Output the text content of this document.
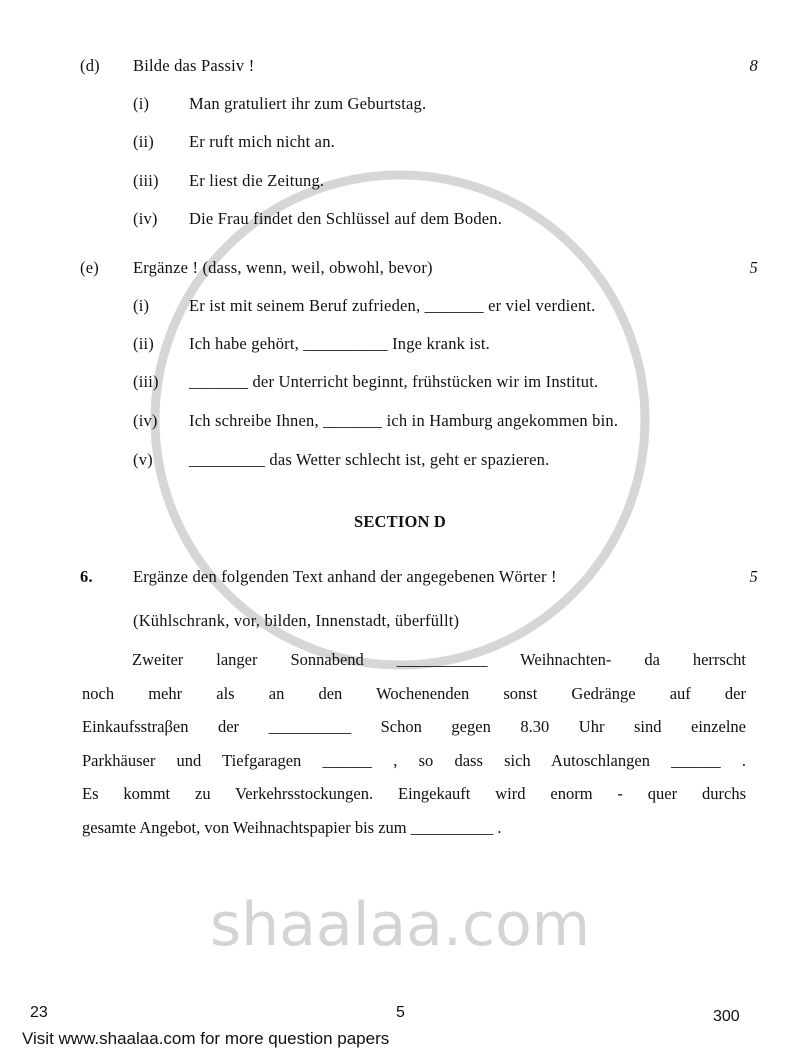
shaalaa.com
(d) Bilde das Passiv !	8
(i) Man gratuliert ihr zum Geburtstag.
(ii) Er ruft mich nicht an.
(iii) Er liest die Zeitung.
(iv) Die Frau findet den Schlüssel auf dem Boden.
(e) Ergänze ! (dass, wenn, weil, obwohl, bevor)	5
(i) Er ist mit seinem Beruf zufrieden, _______ er viel verdient.
(ii) Ich habe gehört, __________ Inge krank ist.
(iii) _______ der Unterricht beginnt, frühstücken wir im Institut.
(iv) Ich schreibe Ihnen, _______ ich in Hamburg angekommen bin.
(v) _________ das Wetter schlecht ist, geht er spazieren.
SECTION D
6. Ergänze den folgenden Text anhand der angegebenen Wörter !	5
(Kühlschrank, vor, bilden, Innenstadt, überfüllt)
Zweiter langer Sonnabend ___________ Weihnachten- da herrscht
noch mehr als an den Wochenenden sonst Gedränge auf der
Einkaufsstraβen der __________ Schon gegen 8.30 Uhr sind einzelne
Parkhäuser und Tiefgaragen ______ , so dass sich Autoschlangen ______ .
Es kommt zu Verkehrsstockungen. Eingekauft wird enorm - quer durchs
gesamte Angebot, von Weihnachtspapier bis zum __________ .
23	5	300
Visit www.shaalaa.com for more question papers
